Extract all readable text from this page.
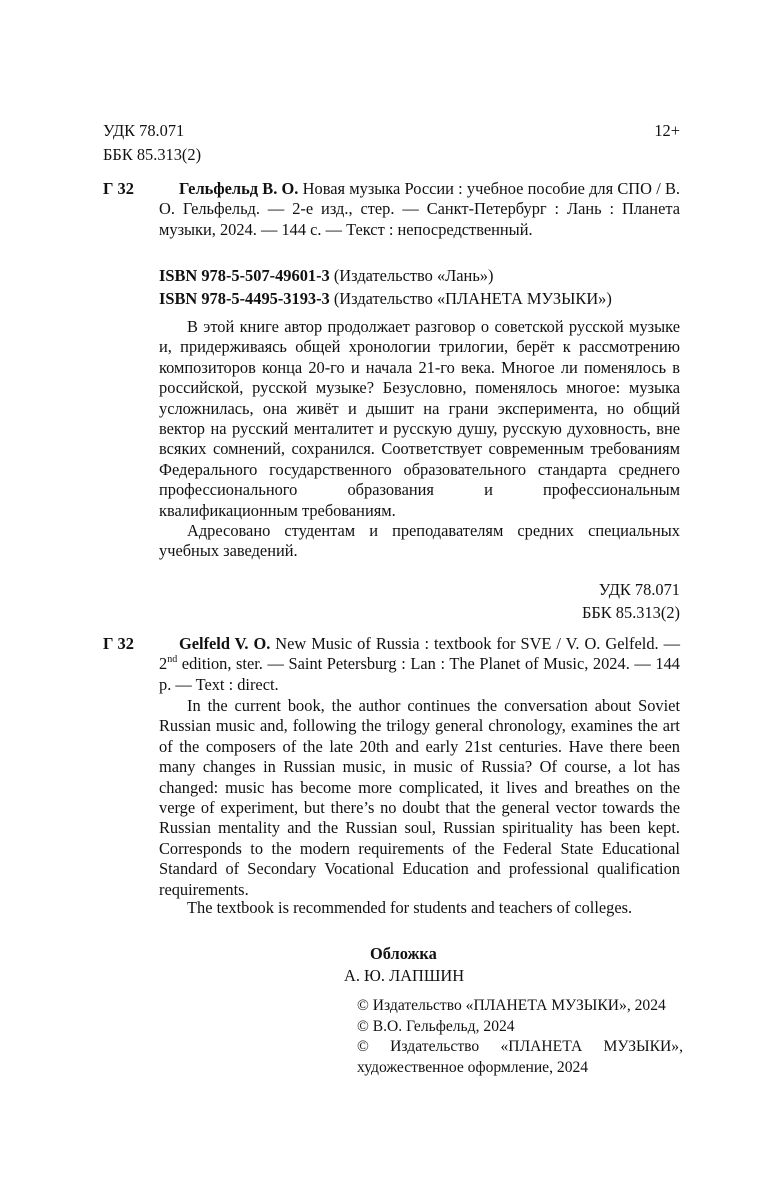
УДК 78.071
ББК 85.313(2)
12+
Г 32	Гельфельд В. О. Новая музыка России : учебное пособие для СПО / В. О. Гельфельд. — 2-е изд., стер. — Санкт-Петербург : Лань : Планета музыки, 2024. — 144 с. — Текст : непосредственный.

ISBN 978-5-507-49601-3 (Издательство «Лань»)
ISBN 978-5-4495-3193-3 (Издательство «ПЛАНЕТА МУЗЫКИ»)

В этой книге автор продолжает разговор о советской русской музыке и, придерживаясь общей хронологии трилогии, берёт к рассмотрению композиторов конца 20-го и начала 21-го века. Многое ли поменялось в российской, русской музыке? Безусловно, поменялось многое: музыка усложнилась, она живёт и дышит на грани эксперимента, но общий вектор на русский менталитет и русскую душу, русскую духовность, вне всяких сомнений, сохранился. Соответствует современным требованиям Федерального государственного образовательного стандарта среднего профессионального образования и профессиональным квалификационным требованиям.

Адресовано студентам и преподавателям средних специальных учебных заведений.

УДК 78.071
ББК 85.313(2)
Г 32	Gelfeld V. O. New Music of Russia : textbook for SVE / V. O. Gelfeld. — 2nd edition, ster. — Saint Petersburg : Lan : The Planet of Music, 2024. — 144 p. — Text : direct.

In the current book, the author continues the conversation about Soviet Russian music and, following the trilogy general chronology, examines the art of the composers of the late 20th and early 21st centuries. Have there been many changes in Russian music, in music of Russia? Of course, a lot has changed: music has become more complicated, it lives and breathes on the verge of experiment, but there’s no doubt that the general vector towards the Russian mentality and the Russian soul, Russian spirituality has been kept. Corresponds to the modern requirements of the Federal State Educational Standard of Secondary Vocational Education and professional qualification requirements.

The textbook is recommended for students and teachers of colleges.

Обложка
А. Ю. ЛАПШИН
© Издательство «ПЛАНЕТА МУЗЫКИ», 2024
© В.О. Гельфельд, 2024
© Издательство «ПЛАНЕТА МУЗЫКИ», художественное оформление, 2024
